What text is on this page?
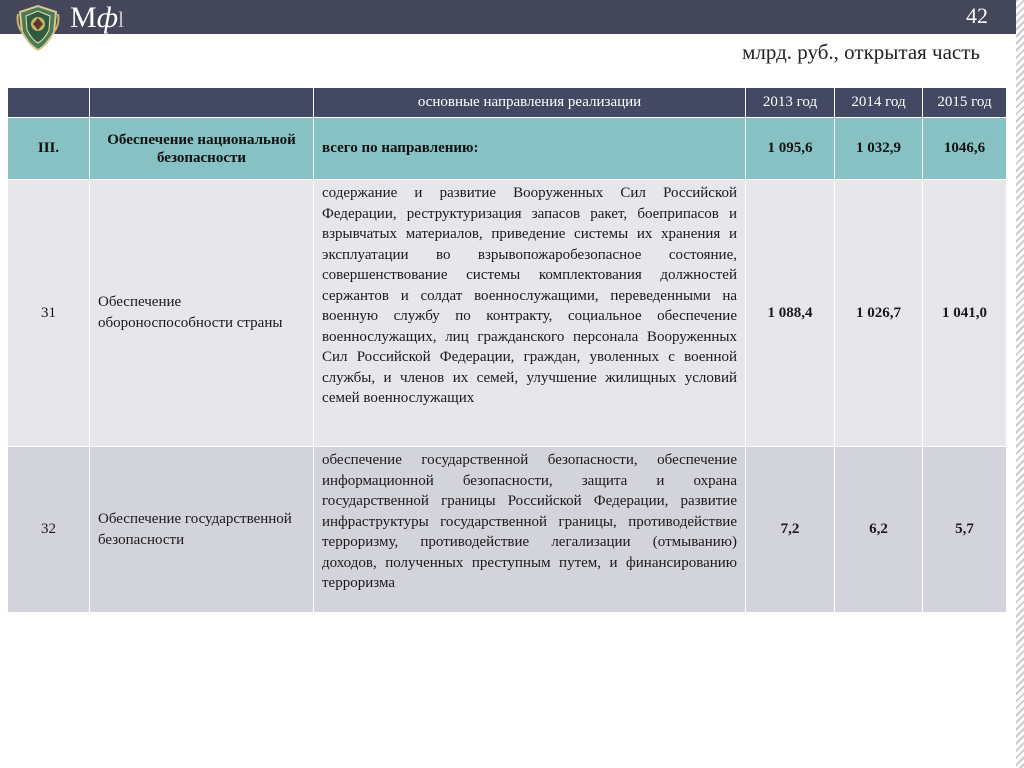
Мфl	42
млрд. руб., открытая часть
		основные направления реализации	2013 год	2014 год	2015 год
III.	Обеспечение национальной безопасности	всего по направлению:	1 095,6	1 032,9	1046,6
31	Обеспечение обороноспособности страны	содержание и развитие Вооруженных Сил Российской Федерации, реструктуризация запасов ракет, боеприпасов и взрывчатых материалов, приведение системы их хранения и эксплуатации во взрывопожаробезопасное состояние, совершенствование системы комплектования должностей сержантов и солдат военнослужащими, переведенными на военную службу по контракту, социальное обеспечение военнослужащих, лиц гражданского персонала Вооруженных Сил Российской Федерации, граждан, уволенных с военной службы, и членов их семей, улучшение жилищных условий семей военнослужащих	1 088,4	1 026,7	1 041,0
32	Обеспечение государственной безопасности	обеспечение государственной безопасности, обеспечение информационной безопасности, защита и охрана государственной границы Российской Федерации, развитие инфраструктуры государственной границы, противодействие терроризму, противодействие легализации (отмыванию) доходов, полученных преступным путем, и финансированию терроризма	7,2	6,2	5,7
